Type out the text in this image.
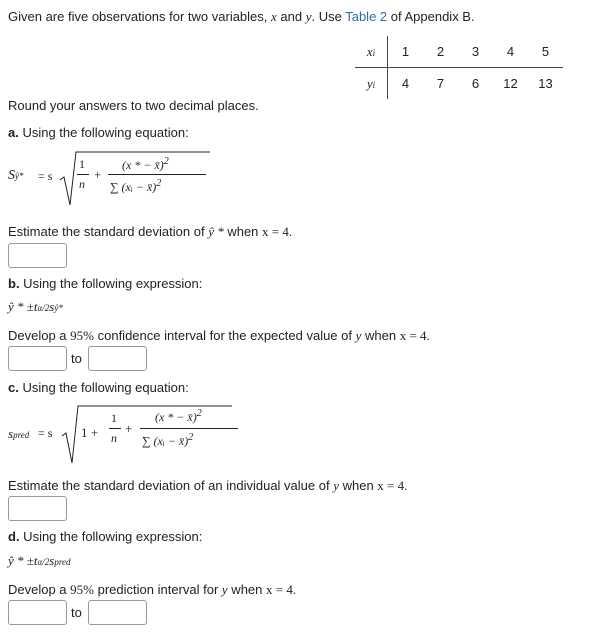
Given are five observations for two variables, x and y. Use Table 2 of Appendix B.
xi	1	2	3	4	5
yi	4	7	6	12	13
Round your answers to two decimal places.
a. Using the following equation:
Sŷ* = s
1
n
+
(x * − x̄)$^2$
∑ (xᵢ − x̄)$^2$
Estimate the standard deviation of ŷ * when x = 4.
b. Using the following expression:
ŷ * ±tα/2sŷ*
Develop a 95% confidence interval for the expected value of y when x = 4.
to
c. Using the following equation:
spred = s 1 +
1
n
+
(x * − x̄)$^2$
∑ (xᵢ − x̄)$^2$
Estimate the standard deviation of an individual value of y when x = 4.
d. Using the following expression:
ŷ * ±tα/2spred
Develop a 95% prediction interval for y when x = 4.
to
